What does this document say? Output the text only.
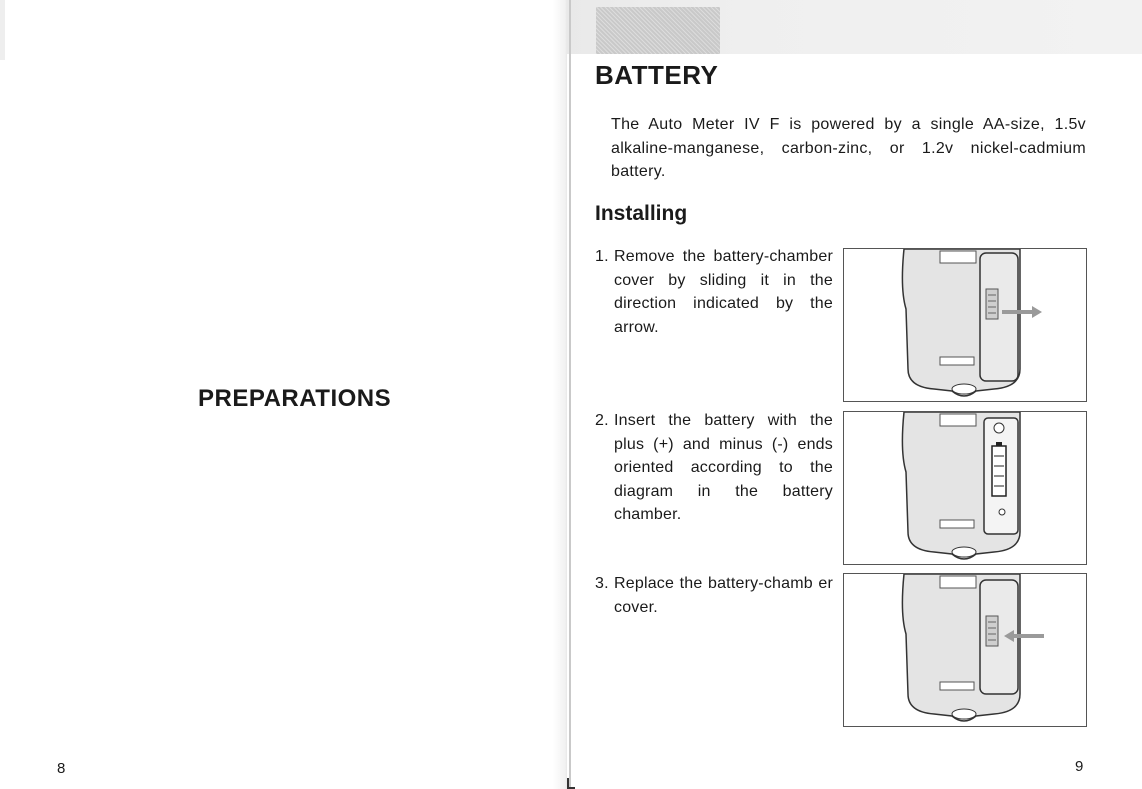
PREPARATIONS
8
BATTERY
The Auto Meter IV F is powered by a single AA-size, 1.5v alkaline-manganese, carbon-zinc, or 1.2v nickel-cadmium battery.
Installing
1. Remove the battery-chamber cover by sliding it in the direction indicated by the arrow.
2. Insert the battery with the plus (+) and minus (-) ends oriented according to the diagram in the battery chamber.
3. Replace the battery-chamb er cover.
9
